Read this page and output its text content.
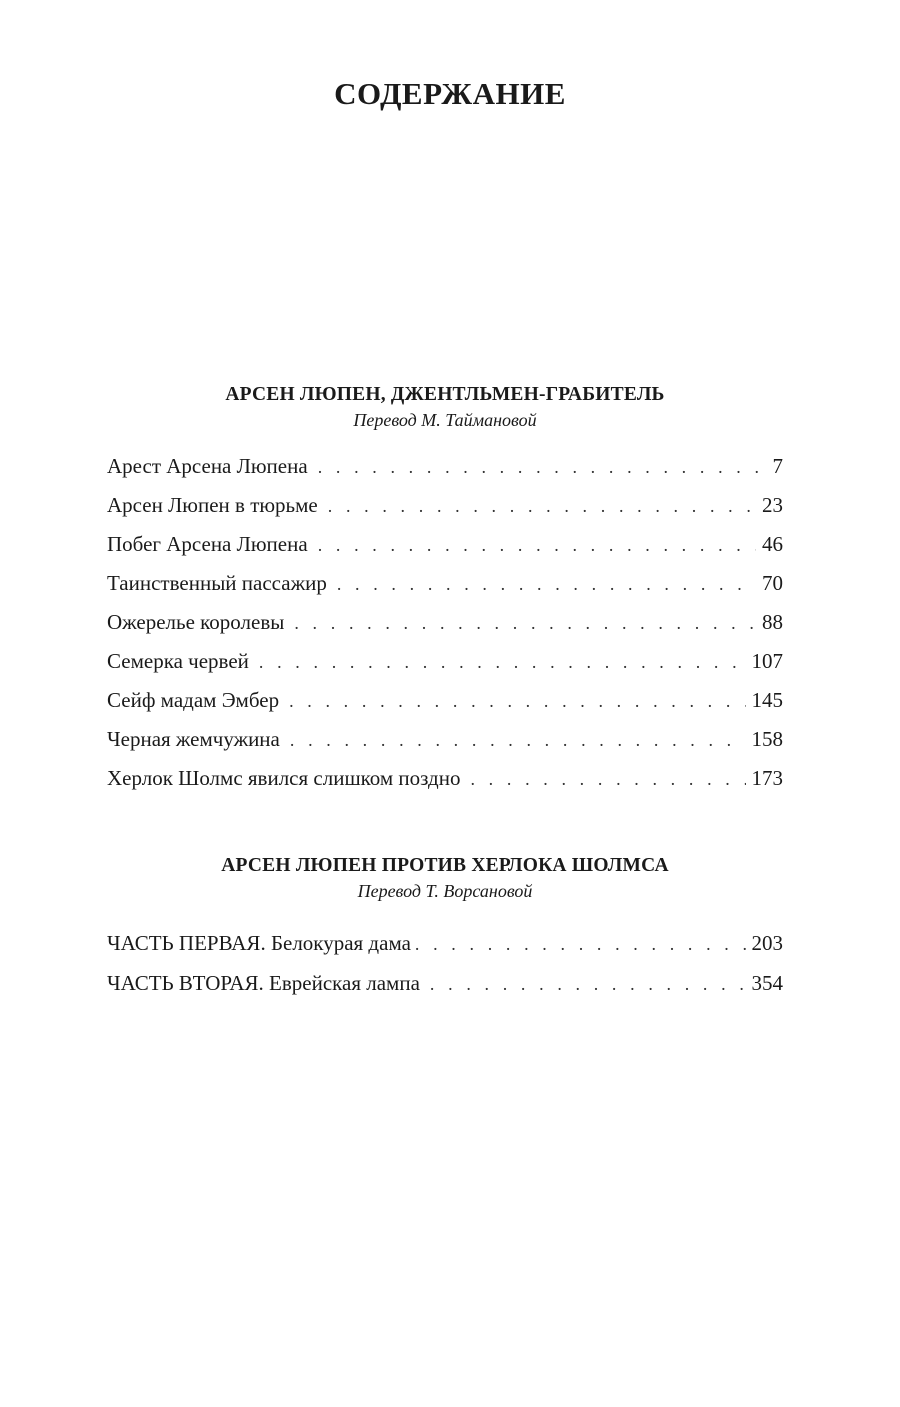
СОДЕРЖАНИЕ
АРСЕН ЛЮПЕН, ДЖЕНТЛЬМЕН-ГРАБИТЕЛЬ
Перевод М. Таймановой
Арест Арсена Люпена . . .	7
Арсен Люпен в тюрьме . . .	23
Побег Арсена Люпена . . .	46
Таинственный пассажир . . .	70
Ожерелье королевы . . .	88
Семерка червей . . .	107
Сейф мадам Эмбер . . .	145
Черная жемчужина . . .	158
Херлок Шолмс явился слишком поздно . . .	173
АРСЕН ЛЮПЕН ПРОТИВ ХЕРЛОКА ШОЛМСА
Перевод Т. Ворсановой
ЧАСТЬ ПЕРВАЯ. Белокурая дама . . .	203
ЧАСТЬ ВТОРАЯ. Еврейская лампа . . .	354
